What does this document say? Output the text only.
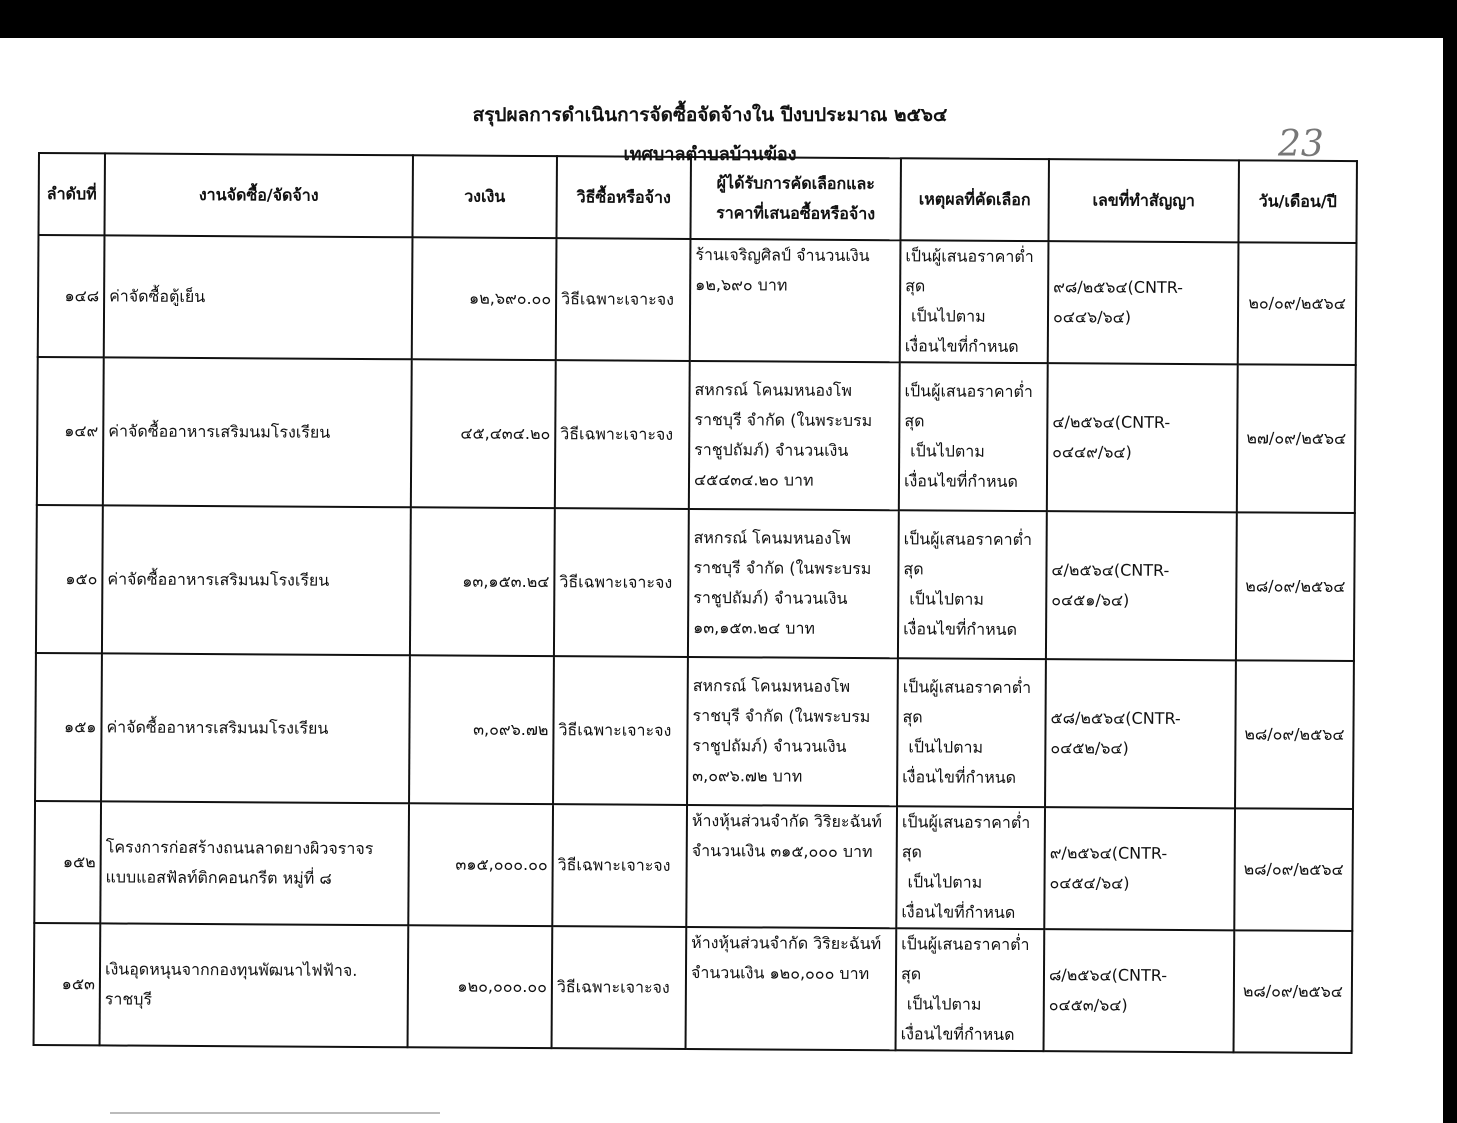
สรุปผลการดำเนินการจัดซื้อจัดจ้างใน ปีงบประมาณ ๒๕๖๔
เทศบาลตำบลบ้านฆ้อง	23
ลำดับที่	งานจัดซื้อ/จัดจ้าง	วงเงิน	วิธีซื้อหรือจ้าง	ผู้ได้รับการคัดเลือกและ ราคาที่เสนอซื้อหรือจ้าง	เหตุผลที่คัดเลือก	เลขที่ทำสัญญา	วัน/เดือน/ปี
๑๔๘	ค่าจัดซื้อตู้เย็น	๑๒,๖๙๐.๐๐	วิธีเฉพาะเจาะจง	ร้านเจริญศิลป์ จำนวนเงิน ๑๒,๖๙๐ บาท	เป็นผู้เสนอราคาต่ำสุด
เป็นไปตาม
เงื่อนไขที่กำหนด	๙๘/๒๕๖๔(CNTR- ๐๔๔๖/๖๔)	๒๐/๐๙/๒๕๖๔
๑๔๙	ค่าจัดซื้ออาหารเสริมนมโรงเรียน	๔๕,๔๓๔.๒๐	วิธีเฉพาะเจาะจง	สหกรณ์ โคนมหนองโพ ราชบุรี จำกัด (ในพระบรม ราชูปถัมภ์) จำนวนเงิน ๔๕๔๓๔.๒๐ บาท	เป็นผู้เสนอราคาต่ำสุด
เป็นไปตาม
เงื่อนไขที่กำหนด	๔/๒๕๖๔(CNTR- ๐๔๔๙/๖๔)	๒๗/๐๙/๒๕๖๔
๑๕๐	ค่าจัดซื้ออาหารเสริมนมโรงเรียน	๑๓,๑๕๓.๒๔	วิธีเฉพาะเจาะจง	สหกรณ์ โคนมหนองโพ ราชบุรี จำกัด (ในพระบรม ราชูปถัมภ์) จำนวนเงิน ๑๓,๑๕๓.๒๔ บาท	เป็นผู้เสนอราคาต่ำสุด
เป็นไปตาม
เงื่อนไขที่กำหนด	๔/๒๕๖๔(CNTR- ๐๔๕๑/๖๔)	๒๘/๐๙/๒๕๖๔
๑๕๑	ค่าจัดซื้ออาหารเสริมนมโรงเรียน	๓,๐๙๖.๗๒	วิธีเฉพาะเจาะจง	สหกรณ์ โคนมหนองโพ ราชบุรี จำกัด (ในพระบรม ราชูปถัมภ์) จำนวนเงิน ๓,๐๙๖.๗๒ บาท	เป็นผู้เสนอราคาต่ำสุด
เป็นไปตาม
เงื่อนไขที่กำหนด	๕๘/๒๕๖๔(CNTR- ๐๔๕๒/๖๔)	๒๘/๐๙/๒๕๖๔
๑๕๒	โครงการก่อสร้างถนนลาดยางผิวจราจร แบบแอสฟัลท์ติกคอนกรีต หมู่ที่ ๘	๓๑๕,๐๐๐.๐๐	วิธีเฉพาะเจาะจง	ห้างหุ้นส่วนจำกัด วิริยะฉันท์ จำนวนเงิน ๓๑๕,๐๐๐ บาท	เป็นผู้เสนอราคาต่ำสุด
เป็นไปตาม
เงื่อนไขที่กำหนด	๙/๒๕๖๔(CNTR- ๐๔๕๔/๖๔)	๒๘/๐๙/๒๕๖๔
๑๕๓	เงินอุดหนุนจากกองทุนพัฒนาไฟฟ้าจ. ราชบุรี	๑๒๐,๐๐๐.๐๐	วิธีเฉพาะเจาะจง	ห้างหุ้นส่วนจำกัด วิริยะฉันท์ จำนวนเงิน ๑๒๐,๐๐๐ บาท	เป็นผู้เสนอราคาต่ำสุด
เป็นไปตาม
เงื่อนไขที่กำหนด	๘/๒๕๖๔(CNTR- ๐๔๕๓/๖๔)	๒๘/๐๙/๒๕๖๔
